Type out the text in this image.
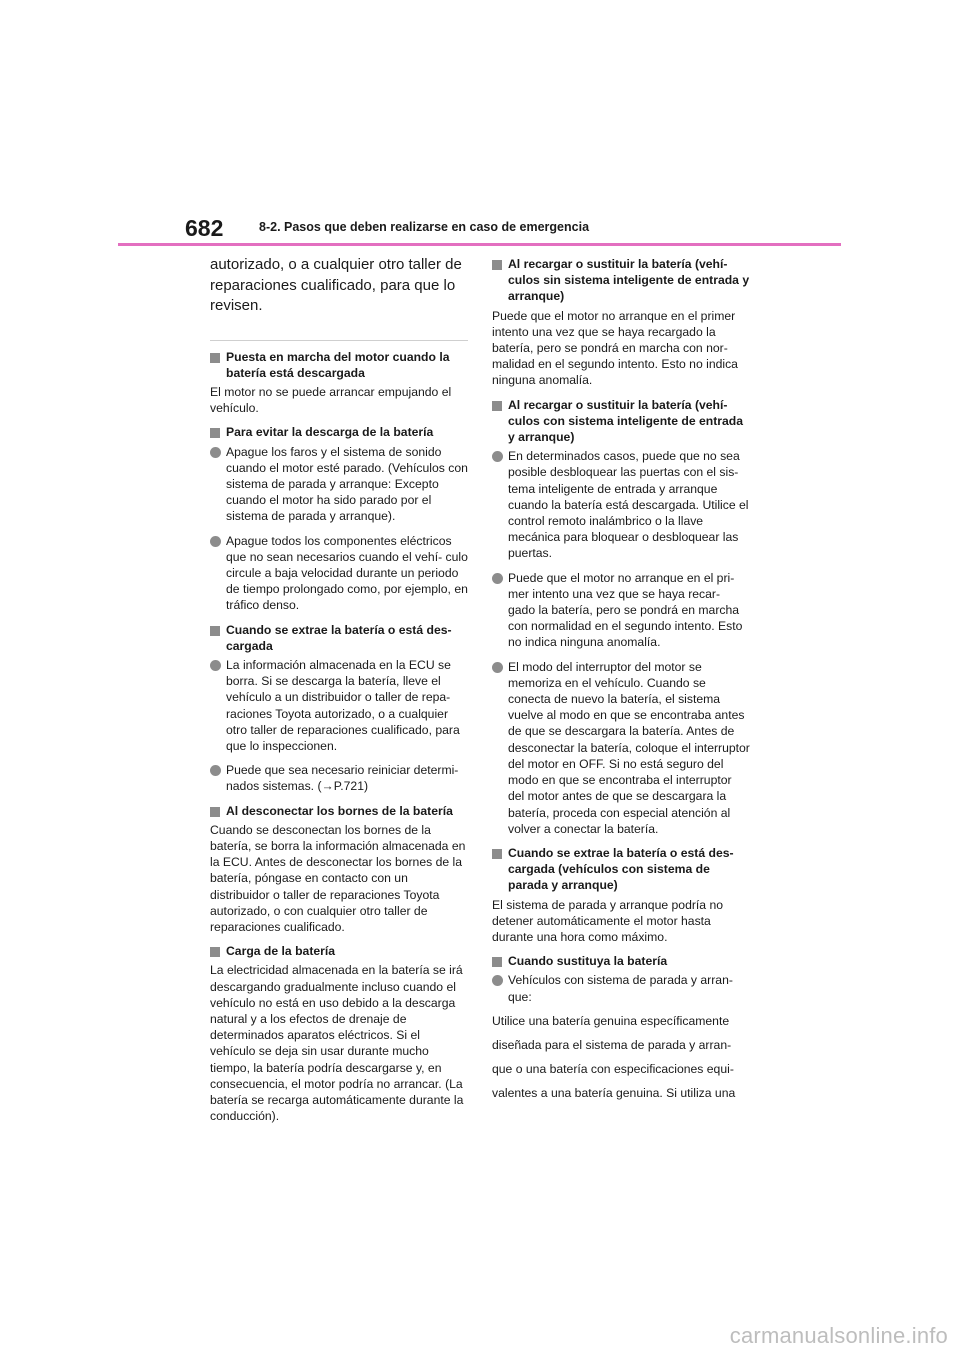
682	8-2. Pasos que deben realizarse en caso de emergencia

autorizado, o a cualquier otro taller de reparaciones cualificado, para que lo revisen.

Puesta en marcha del motor cuando la batería está descargada

El motor no se puede arrancar empujando el vehículo.

Para evitar la descarga de la batería
Apague los faros y el sistema de sonido cuando el motor esté parado. (Vehículos con sistema de parada y arranque: Excepto cuando el motor ha sido parado por el sistema de parada y arranque).
Apague todos los componentes eléctricos que no sean necesarios cuando el vehí- culo circule a baja velocidad durante un periodo de tiempo prolongado como, por ejemplo, en tráfico denso.
Cuando se extrae la batería o está des- cargada
La información almacenada en la ECU se borra. Si se descarga la batería, lleve el vehículo a un distribuidor o taller de repa- raciones Toyota autorizado, o a cualquier otro taller de reparaciones cualificado, para que lo inspeccionen.
Puede que sea necesario reiniciar determi- nados sistemas. (→P.721)
Al desconectar los bornes de la batería

Cuando se desconectan los bornes de la batería, se borra la información almacenada en la ECU. Antes de desconectar los bornes de la batería, póngase en contacto con un distribuidor o taller de reparaciones Toyota autorizado, o con cualquier otro taller de reparaciones cualificado.

Carga de la batería

La electricidad almacenada en la batería se irá descargando gradualmente incluso cuando el vehículo no está en uso debido a la descarga natural y a los efectos de drenaje de determinados aparatos eléctricos. Si el vehículo se deja sin usar durante mucho tiempo, la batería podría descargarse y, en consecuencia, el motor podría no arrancar. (La batería se recarga automáticamente durante la conducción).

Al recargar o sustituir la batería (vehí- culos sin sistema inteligente de entrada y arranque)

Puede que el motor no arranque en el primer intento una vez que se haya recargado la batería, pero se pondrá en marcha con nor- malidad en el segundo intento. Esto no indica ninguna anomalía.

Al recargar o sustituir la batería (vehí- culos con sistema inteligente de entrada y arranque)
En determinados casos, puede que no sea posible desbloquear las puertas con el sis- tema inteligente de entrada y arranque cuando la batería está descargada. Utilice el control remoto inalámbrico o la llave mecánica para bloquear o desbloquear las puertas.
Puede que el motor no arranque en el pri- mer intento una vez que se haya recar- gado la batería, pero se pondrá en marcha con normalidad en el segundo intento. Esto no indica ninguna anomalía.
El modo del interruptor del motor se memoriza en el vehículo. Cuando se conecta de nuevo la batería, el sistema vuelve al modo en que se encontraba antes de que se descargara la batería. Antes de desconectar la batería, coloque el interruptor del motor en OFF. Si no está seguro del modo en que se encontraba el interruptor del motor antes de que se descargara la batería, proceda con especial atención al volver a conectar la batería.
Cuando se extrae la batería o está des- cargada (vehículos con sistema de parada y arranque)

El sistema de parada y arranque podría no detener automáticamente el motor hasta durante una hora como máximo.

Cuando sustituya la batería
Vehículos con sistema de parada y arran- que:

Utilice una batería genuina específicamente diseñada para el sistema de parada y arran- que o una batería con especificaciones equi- valentes a una batería genuina. Si utiliza una

carmanualsonline.info
